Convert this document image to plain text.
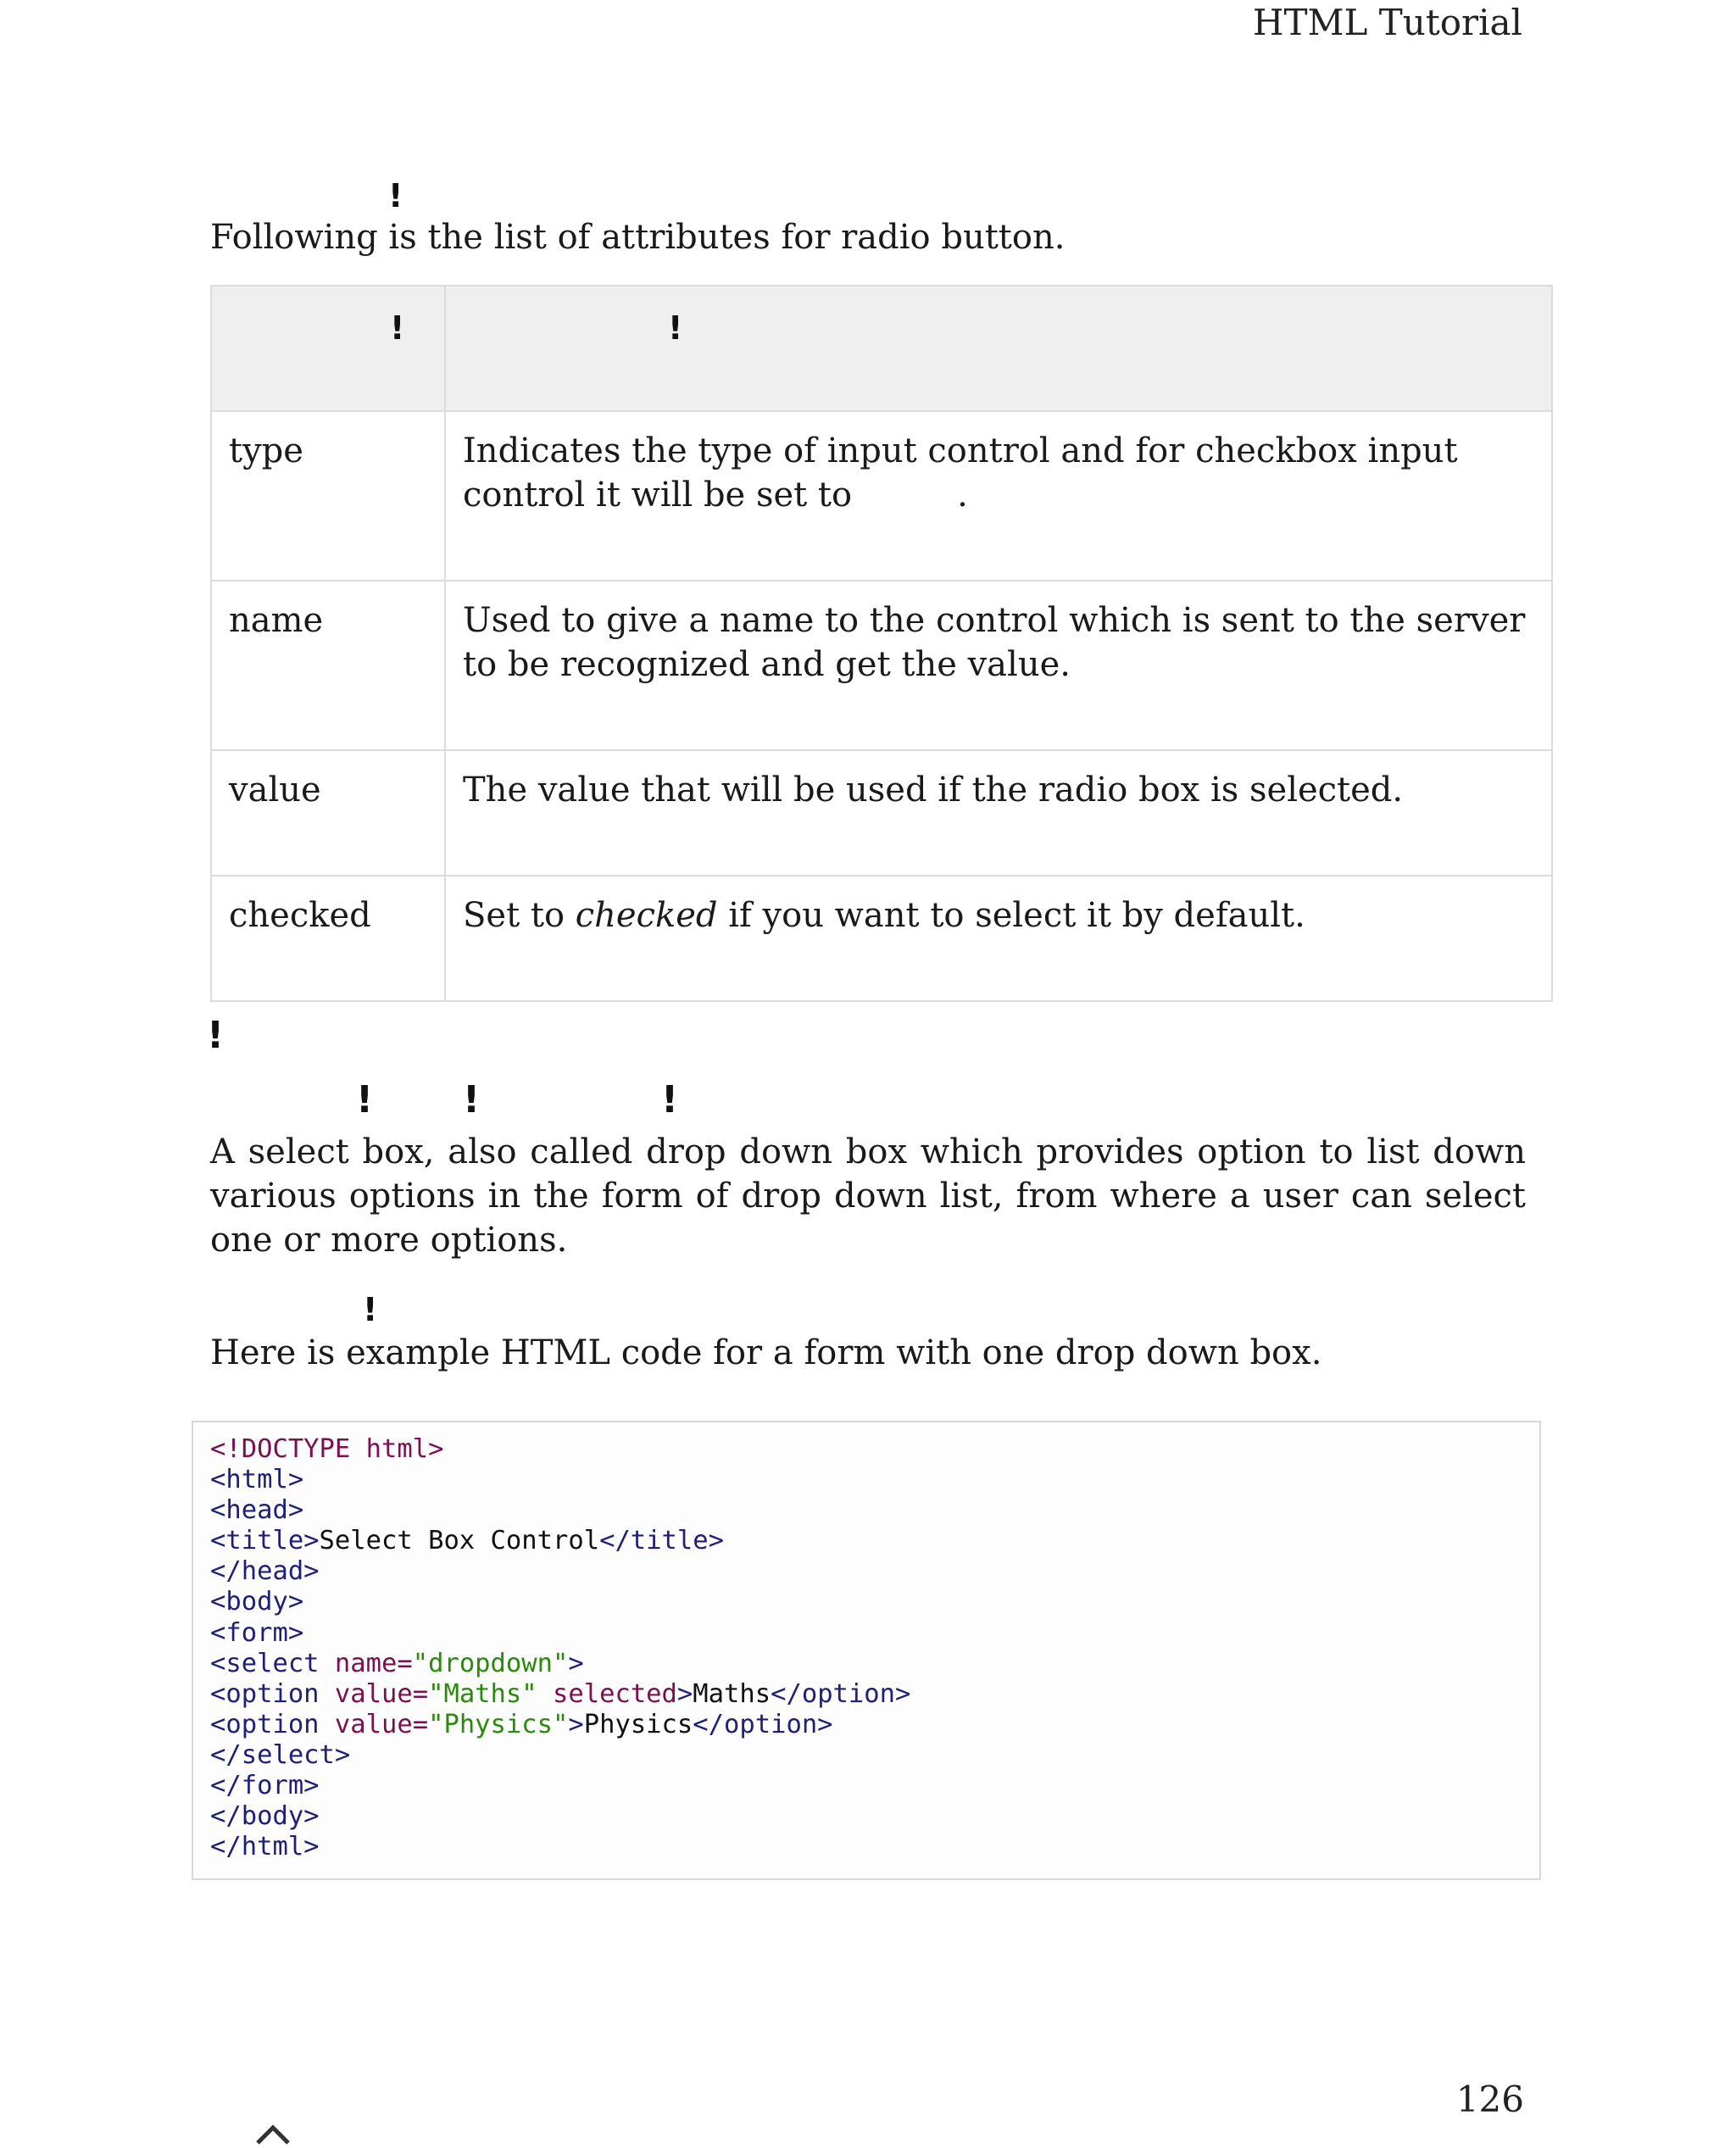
HTML Tutorial
!
Following is the list of attributes for radio button.
!	!

type	Indicates the type of input control and for checkbox input control it will be set to .
name	Used to give a name to the control which is sent to the server to be recognized and get the value.
value	The value that will be used if the radio box is selected.
checked	Set to checked if you want to select it by default.
!
! !	!
A select box, also called drop down box which provides option to list down various options in the form of drop down list, from where a user can select one or more options.
!
Here is example HTML code for a form with one drop down box.
<!DOCTYPE html>
<html>
<head>
<title>Select Box Control</title>
</head>
<body>
<form>
<select name="dropdown">
<option value="Maths" selected>Maths</option>
<option value="Physics">Physics</option>
</select>
</form>
</body>
</html>
126
